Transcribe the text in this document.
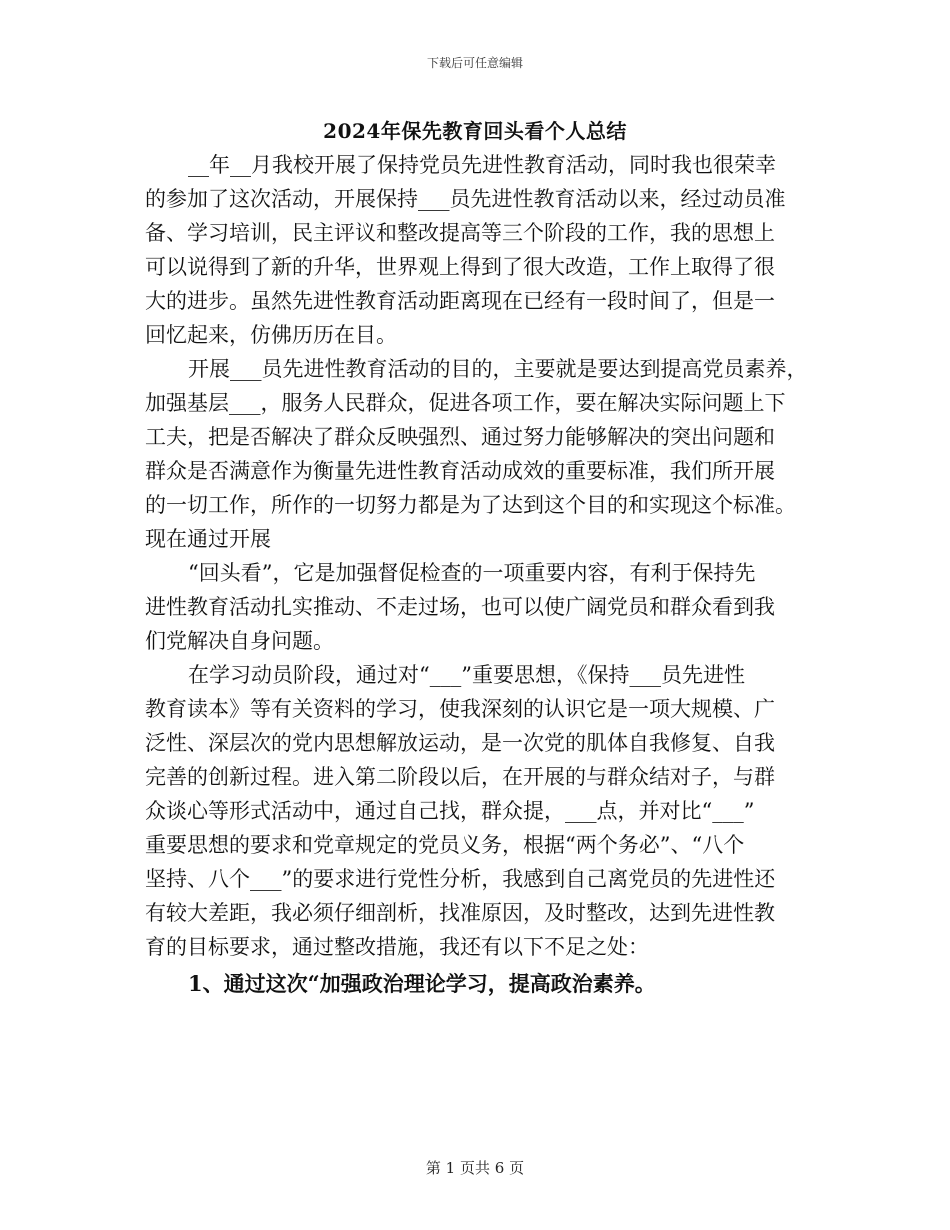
下载后可任意编辑
2024年保先教育回头看个人总结
__年__月我校开展了保持党员先进性教育活动，同时我也很荣幸
的参加了这次活动，开展保持___员先进性教育活动以来，经过动员准
备、学习培训，民主评议和整改提高等三个阶段的工作，我的思想上
可以说得到了新的升华，世界观上得到了很大改造，工作上取得了很
大的进步。虽然先进性教育活动距离现在已经有一段时间了，但是一
回忆起来，仿佛历历在目。
开展___员先进性教育活动的目的，主要就是要达到提高党员素养，
加强基层___，服务人民群众，促进各项工作，要在解决实际问题上下
工夫，把是否解决了群众反映强烈、通过努力能够解决的突出问题和
群众是否满意作为衡量先进性教育活动成效的重要标准，我们所开展
的一切工作，所作的一切努力都是为了达到这个目的和实现这个标准。
现在通过开展
“回头看”，它是加强督促检查的一项重要内容，有利于保持先
进性教育活动扎实推动、不走过场，也可以使广阔党员和群众看到我
们党解决自身问题。
在学习动员阶段，通过对“___”重要思想，《保持___员先进性
教育读本》等有关资料的学习，使我深刻的认识它是一项大规模、广
泛性、深层次的党内思想解放运动，是一次党的肌体自我修复、自我
完善的创新过程。进入第二阶段以后，在开展的与群众结对子，与群
众谈心等形式活动中，通过自己找，群众提，___点，并对比“___”
重要思想的要求和党章规定的党员义务，根据“两个务必”、“八个
坚持、八个___”的要求进行党性分析，我感到自己离党员的先进性还
有较大差距，我必须仔细剖析，找准原因，及时整改，达到先进性教
育的目标要求，通过整改措施，我还有以下不足之处：
1、通过这次“加强政治理论学习，提高政治素养。
第 1 页共 6 页
